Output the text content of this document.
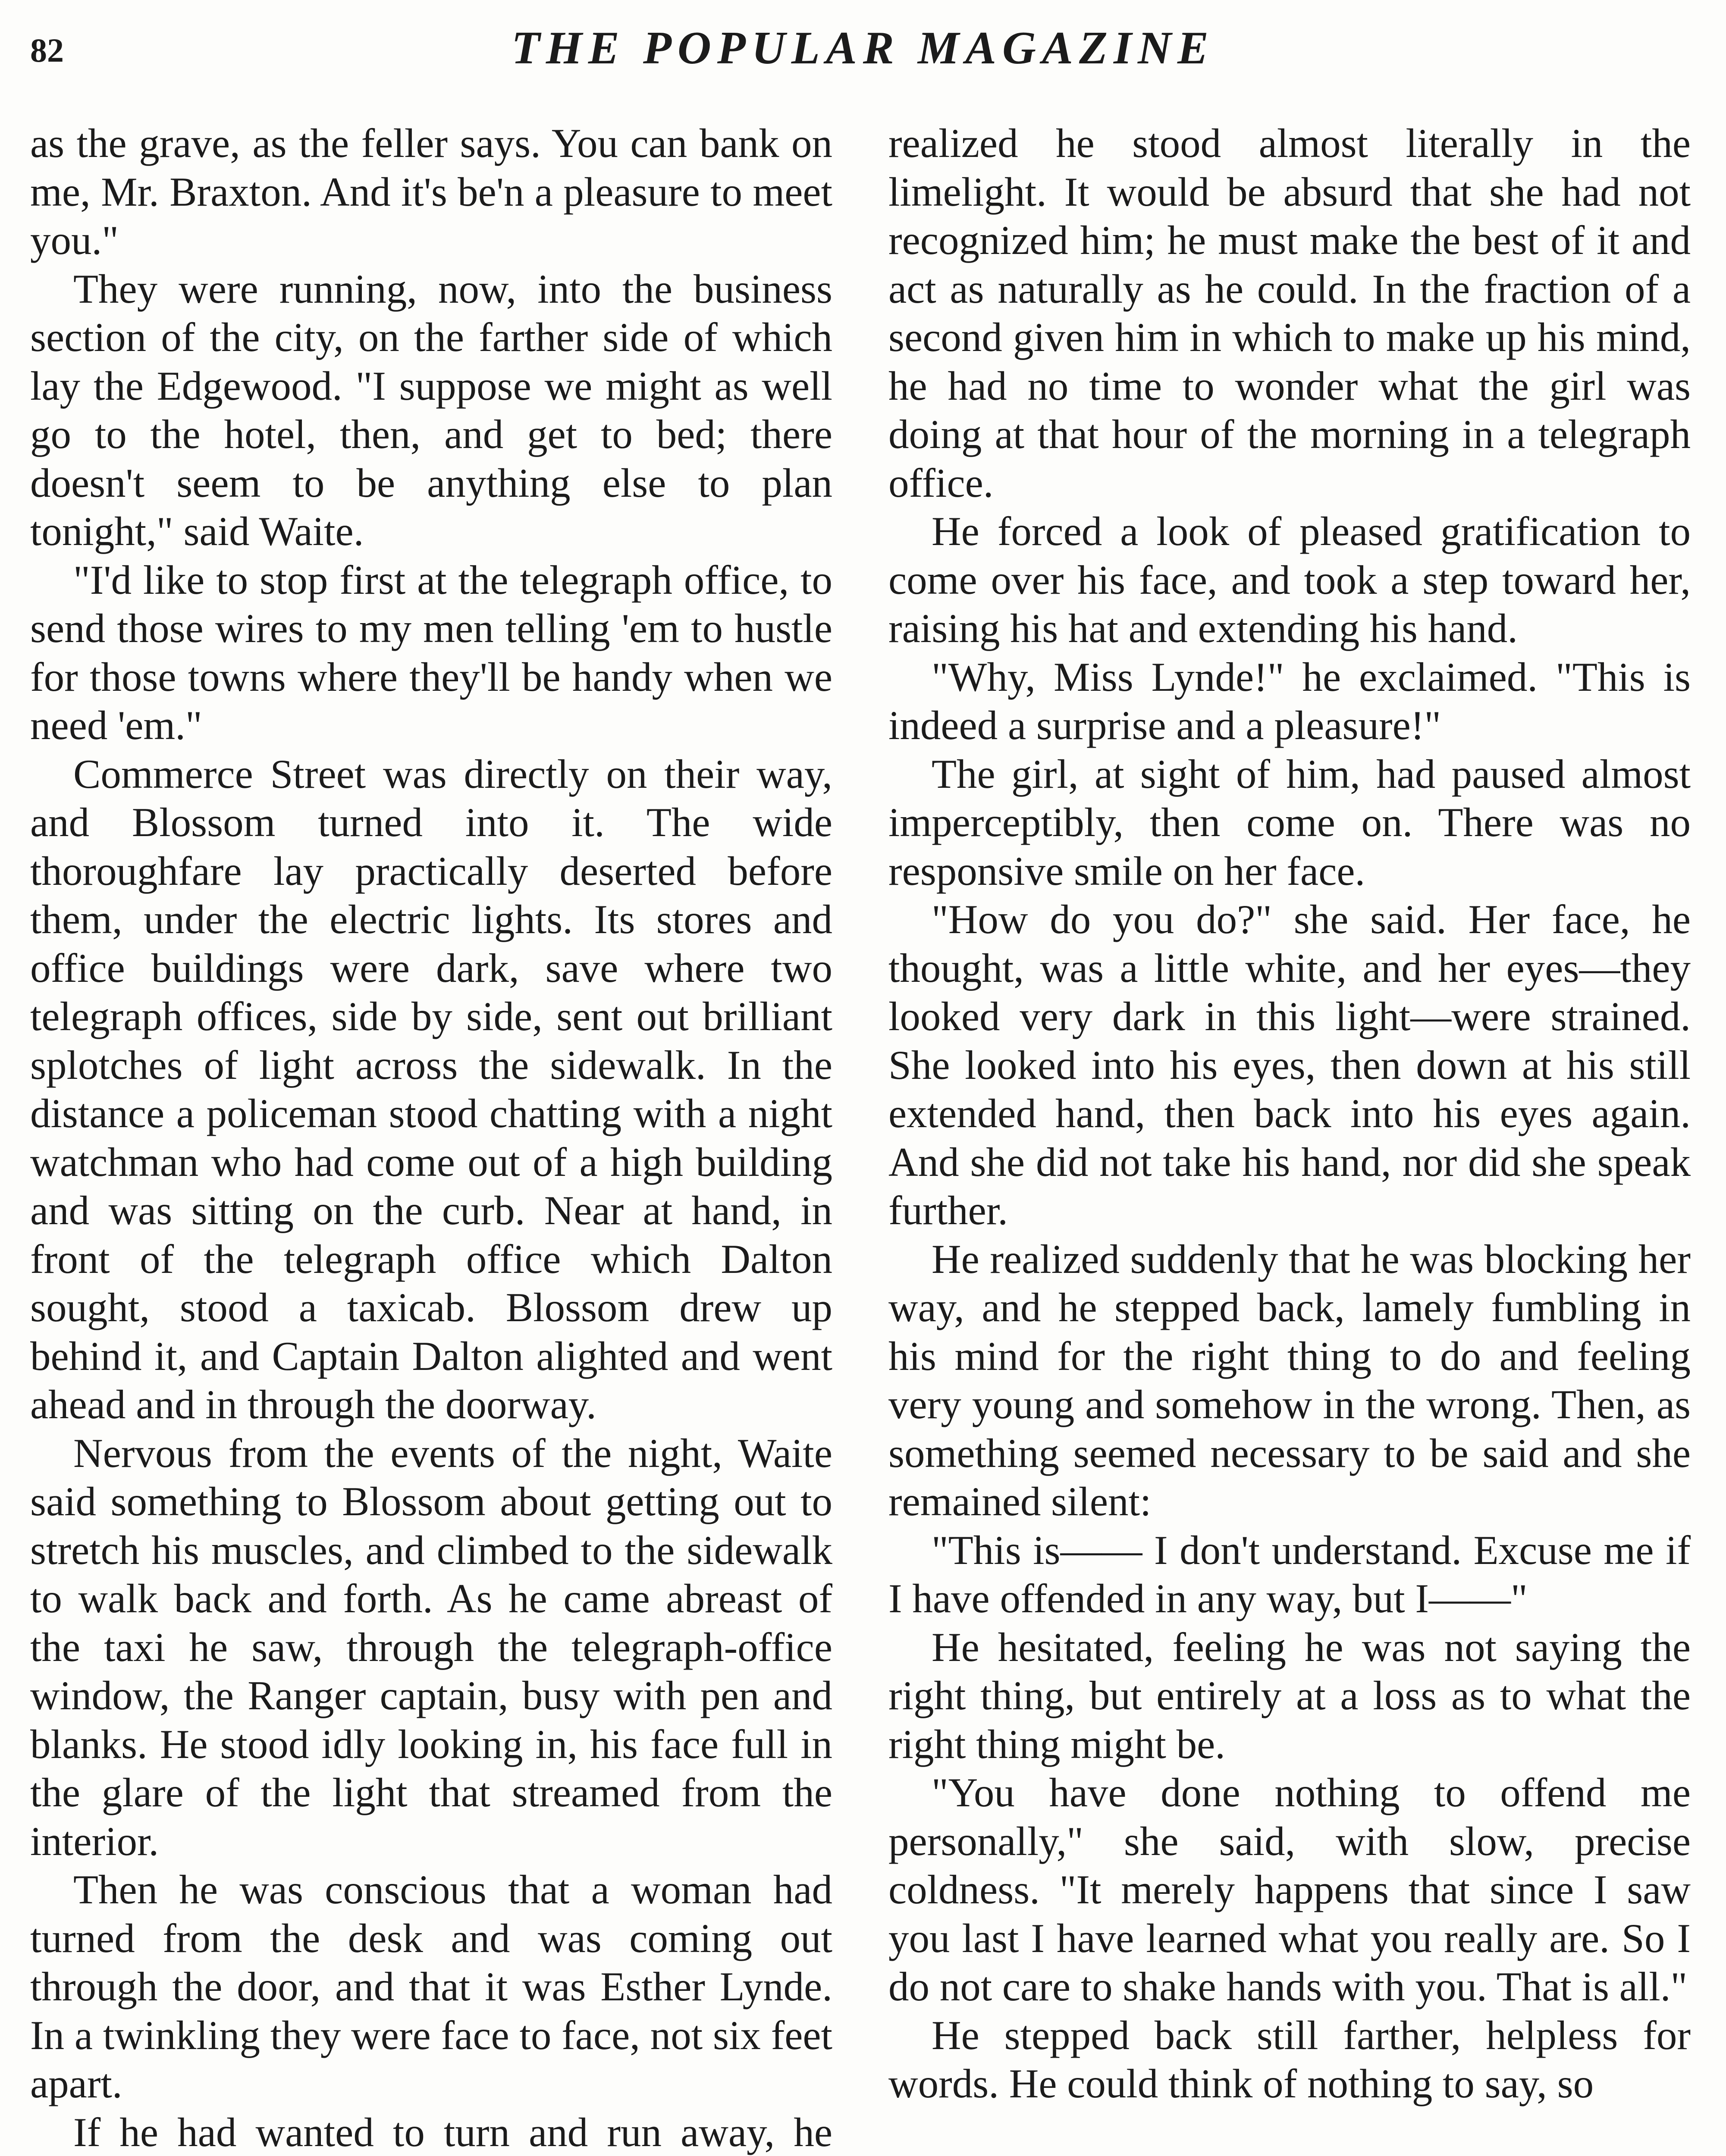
82	THE POPULAR MAGAZINE

as the grave, as the feller says. You can bank on me, Mr. Braxton. And it's be'n a pleasure to meet you."

They were running, now, into the business section of the city, on the farther side of which lay the Edgewood. "I suppose we might as well go to the hotel, then, and get to bed; there doesn't seem to be anything else to plan tonight," said Waite.

"I'd like to stop first at the telegraph office, to send those wires to my men telling 'em to hustle for those towns where they'll be handy when we need 'em."

Commerce Street was directly on their way, and Blossom turned into it. The wide thoroughfare lay practically deserted before them, under the electric lights. Its stores and office buildings were dark, save where two telegraph offices, side by side, sent out brilliant splotches of light across the sidewalk. In the distance a policeman stood chatting with a night watchman who had come out of a high building and was sitting on the curb. Near at hand, in front of the telegraph office which Dalton sought, stood a taxicab. Blossom drew up behind it, and Captain Dalton alighted and went ahead and in through the doorway.

Nervous from the events of the night, Waite said something to Blossom about getting out to stretch his muscles, and climbed to the sidewalk to walk back and forth. As he came abreast of the taxi he saw, through the telegraph-office window, the Ranger captain, busy with pen and blanks. He stood idly looking in, his face full in the glare of the light that streamed from the interior.

Then he was conscious that a woman had turned from the desk and was coming out through the door, and that it was Esther Lynde. In a twinkling they were face to face, not six feet apart.

If he had wanted to turn and run away, he

realized he stood almost literally in the limelight. It would be absurd that she had not recognized him; he must make the best of it and act as naturally as he could. In the fraction of a second given him in which to make up his mind, he had no time to wonder what the girl was doing at that hour of the morning in a telegraph office.

He forced a look of pleased gratification to come over his face, and took a step toward her, raising his hat and extending his hand.

"Why, Miss Lynde!" he exclaimed. "This is indeed a surprise and a pleasure!"

The girl, at sight of him, had paused almost imperceptibly, then come on. There was no responsive smile on her face.

"How do you do?" she said. Her face, he thought, was a little white, and her eyes—they looked very dark in this light—were strained. She looked into his eyes, then down at his still extended hand, then back into his eyes again. And she did not take his hand, nor did she speak further.

He realized suddenly that he was blocking her way, and he stepped back, lamely fumbling in his mind for the right thing to do and feeling very young and somehow in the wrong. Then, as something seemed necessary to be said and she remained silent:

"This is—— I don't understand. Excuse me if I have offended in any way, but I——"

He hesitated, feeling he was not saying the right thing, but entirely at a loss as to what the right thing might be.

"You have done nothing to offend me personally," she said, with slow, precise coldness. "It merely happens that since I saw you last I have learned what you really are. So I do not care to shake hands with you. That is all."

He stepped back still farther, helpless for words. He could think of nothing to say, so
